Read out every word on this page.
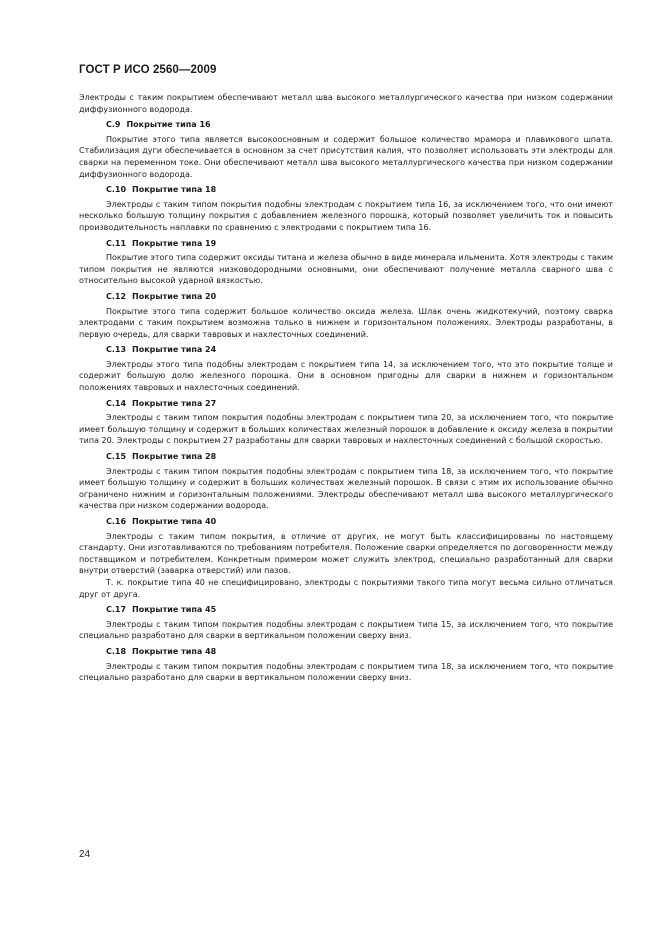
ГОСТ Р ИСО 2560—2009

Электроды с таким покрытием обеспечивают металл шва высокого металлургического качества при низком содержании диффузионного водорода.

С.9 Покрытие типа 16

Покрытие этого типа является высокоосновным и содержит большое количество мрамора и плавикового шпата. Стабилизация дуги обеспечивается в основном за счет присутствия калия, что позволяет использовать эти электроды для сварки на переменном токе. Они обеспечивают металл шва высокого металлургического качества при низком содержании диффузионного водорода.

С.10 Покрытие типа 18

Электроды с таким типом покрытия подобны электродам с покрытием типа 16, за исключением того, что они имеют несколько большую толщину покрытия с добавлением железного порошка, который позволяет увеличить ток и повысить производительность наплавки по сравнению с электродами с покрытием типа 16.

С.11 Покрытие типа 19

Покрытие этого типа содержит оксиды титана и железа обычно в виде минерала ильменита. Хотя электроды с таким типом покрытия не являются низководородными основными, они обеспечивают получение металла сварного шва с относительно высокой ударной вязкостью.

С.12 Покрытие типа 20

Покрытие этого типа содержит большое количество оксида железа. Шлак очень жидкотекучий, поэтому сварка электродами с таким покрытием возможна только в нижнем и горизонтальном положениях. Электроды разработаны, в первую очередь, для сварки тавровых и нахлесточных соединений.

С.13 Покрытие типа 24

Электроды этого типа подобны электродам с покрытием типа 14, за исключением того, что это покрытие толще и содержит большую долю железного порошка. Они в основном пригодны для сварки в нижнем и горизонтальном положениях тавровых и нахлесточных соединений.

С.14 Покрытие типа 27

Электроды с таким типом покрытия подобны электродам с покрытием типа 20, за исключением того, что покрытие имеет большую толщину и содержит в больших количествах железный порошок в добавление к оксиду железа в покрытии типа 20. Электроды с покрытием 27 разработаны для сварки тавровых и нахлесточных соединений с большой скоростью.

С.15 Покрытие типа 28

Электроды с таким типом покрытия подобны электродам с покрытием типа 18, за исключением того, что покрытие имеет большую толщину и содержит в больших количествах железный порошок. В связи с этим их использование обычно ограничено нижним и горизонтальным положениями. Электроды обеспечивают металл шва высокого металлургического качества при низком содержании водорода.

С.16 Покрытие типа 40

Электроды с таким типом покрытия, в отличие от других, не могут быть классифицированы по настоящему стандарту. Они изготавливаются по требованиям потребителя. Положение сварки определяется по договоренности между поставщиком и потребителем. Конкретным примером может служить электрод, специально разработанный для сварки внутри отверстий (заварка отверстий) или пазов.

Т. к. покрытие типа 40 не специфицировано, электроды с покрытиями такого типа могут весьма сильно отличаться друг от друга.

С.17 Покрытие типа 45

Электроды с таким типом покрытия подобны электродам с покрытием типа 15, за исключением того, что покрытие специально разработано для сварки в вертикальном положении сверху вниз.

С.18 Покрытие типа 48

Электроды с таким типом покрытия подобны электродам с покрытием типа 18, за исключением того, что покрытие специально разработано для сварки в вертикальном положении сверху вниз.

24
